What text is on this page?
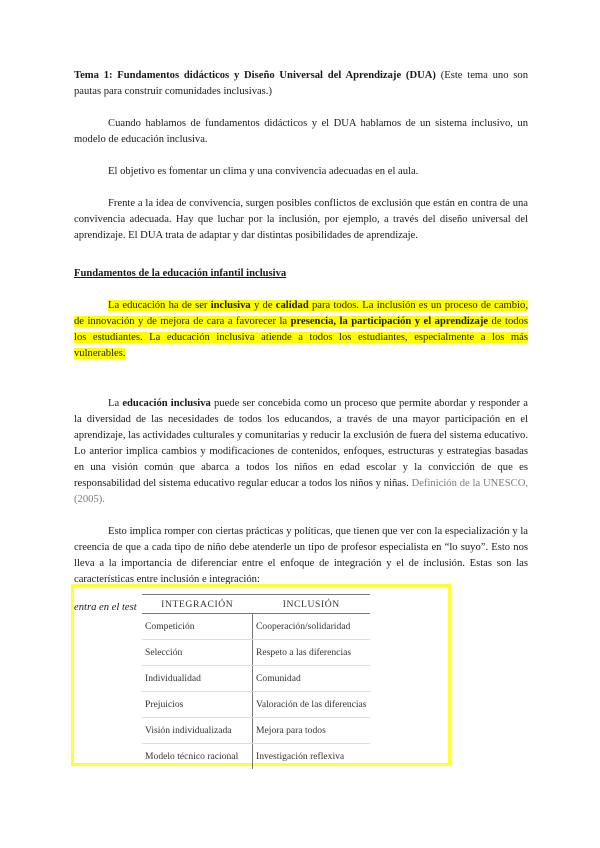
Tema 1: Fundamentos didácticos y Diseño Universal del Aprendizaje (DUA) (Este tema uno son pautas para construir comunidades inclusivas.)

Cuando hablamos de fundamentos didácticos y el DUA hablamos de un sistema inclusivo, un modelo de educación inclusiva.

El objetivo es fomentar un clima y una convivencia adecuadas en el aula.

Frente a la idea de convivencia, surgen posibles conflictos de exclusión que están en contra de una convivencia adecuada. Hay que luchar por la inclusión, por ejemplo, a través del diseño universal del aprendizaje. El DUA trata de adaptar y dar distintas posibilidades de aprendizaje.

Fundamentos de la educación infantil inclusiva

La educación ha de ser inclusiva y de calidad para todos. La inclusión es un proceso de cambio, de innovación y de mejora de cara a favorecer la presencia, la participación y el aprendizaje de todos los estudiantes. La educación inclusiva atiende a todos los estudiantes, especialmente a los más vulnerables.

La educación inclusiva puede ser concebida como un proceso que permite abordar y responder a la diversidad de las necesidades de todos los educandos, a través de una mayor participación en el aprendizaje, las actividades culturales y comunitarias y reducir la exclusión de fuera del sistema educativo. Lo anterior implica cambios y modificaciones de contenidos, enfoques, estructuras y estrategias basadas en una visión común que abarca a todos los niños en edad escolar y la convicción de que es responsabilidad del sistema educativo regular educar a todos los niños y niñas. Definición de la UNESCO, (2005).

Esto implica romper con ciertas prácticas y políticas, que tienen que ver con la especialización y la creencia de que a cada tipo de niño debe atenderle un tipo de profesor especialista en “lo suyo”. Esto nos lleva a la importancia de diferenciar entre el enfoque de integración y el de inclusión. Estas son las características entre inclusión e integración:

entra en el test	INTEGRACIÓN	INCLUSIÓN
Competición	Cooperación/solidaridad
Selección	Respeto a las diferencias
Individualidad	Comunidad
Prejuicios	Valoración de las diferencias
Visión individualizada	Mejora para todos
Modelo técnico racional	Investigación reflexiva
